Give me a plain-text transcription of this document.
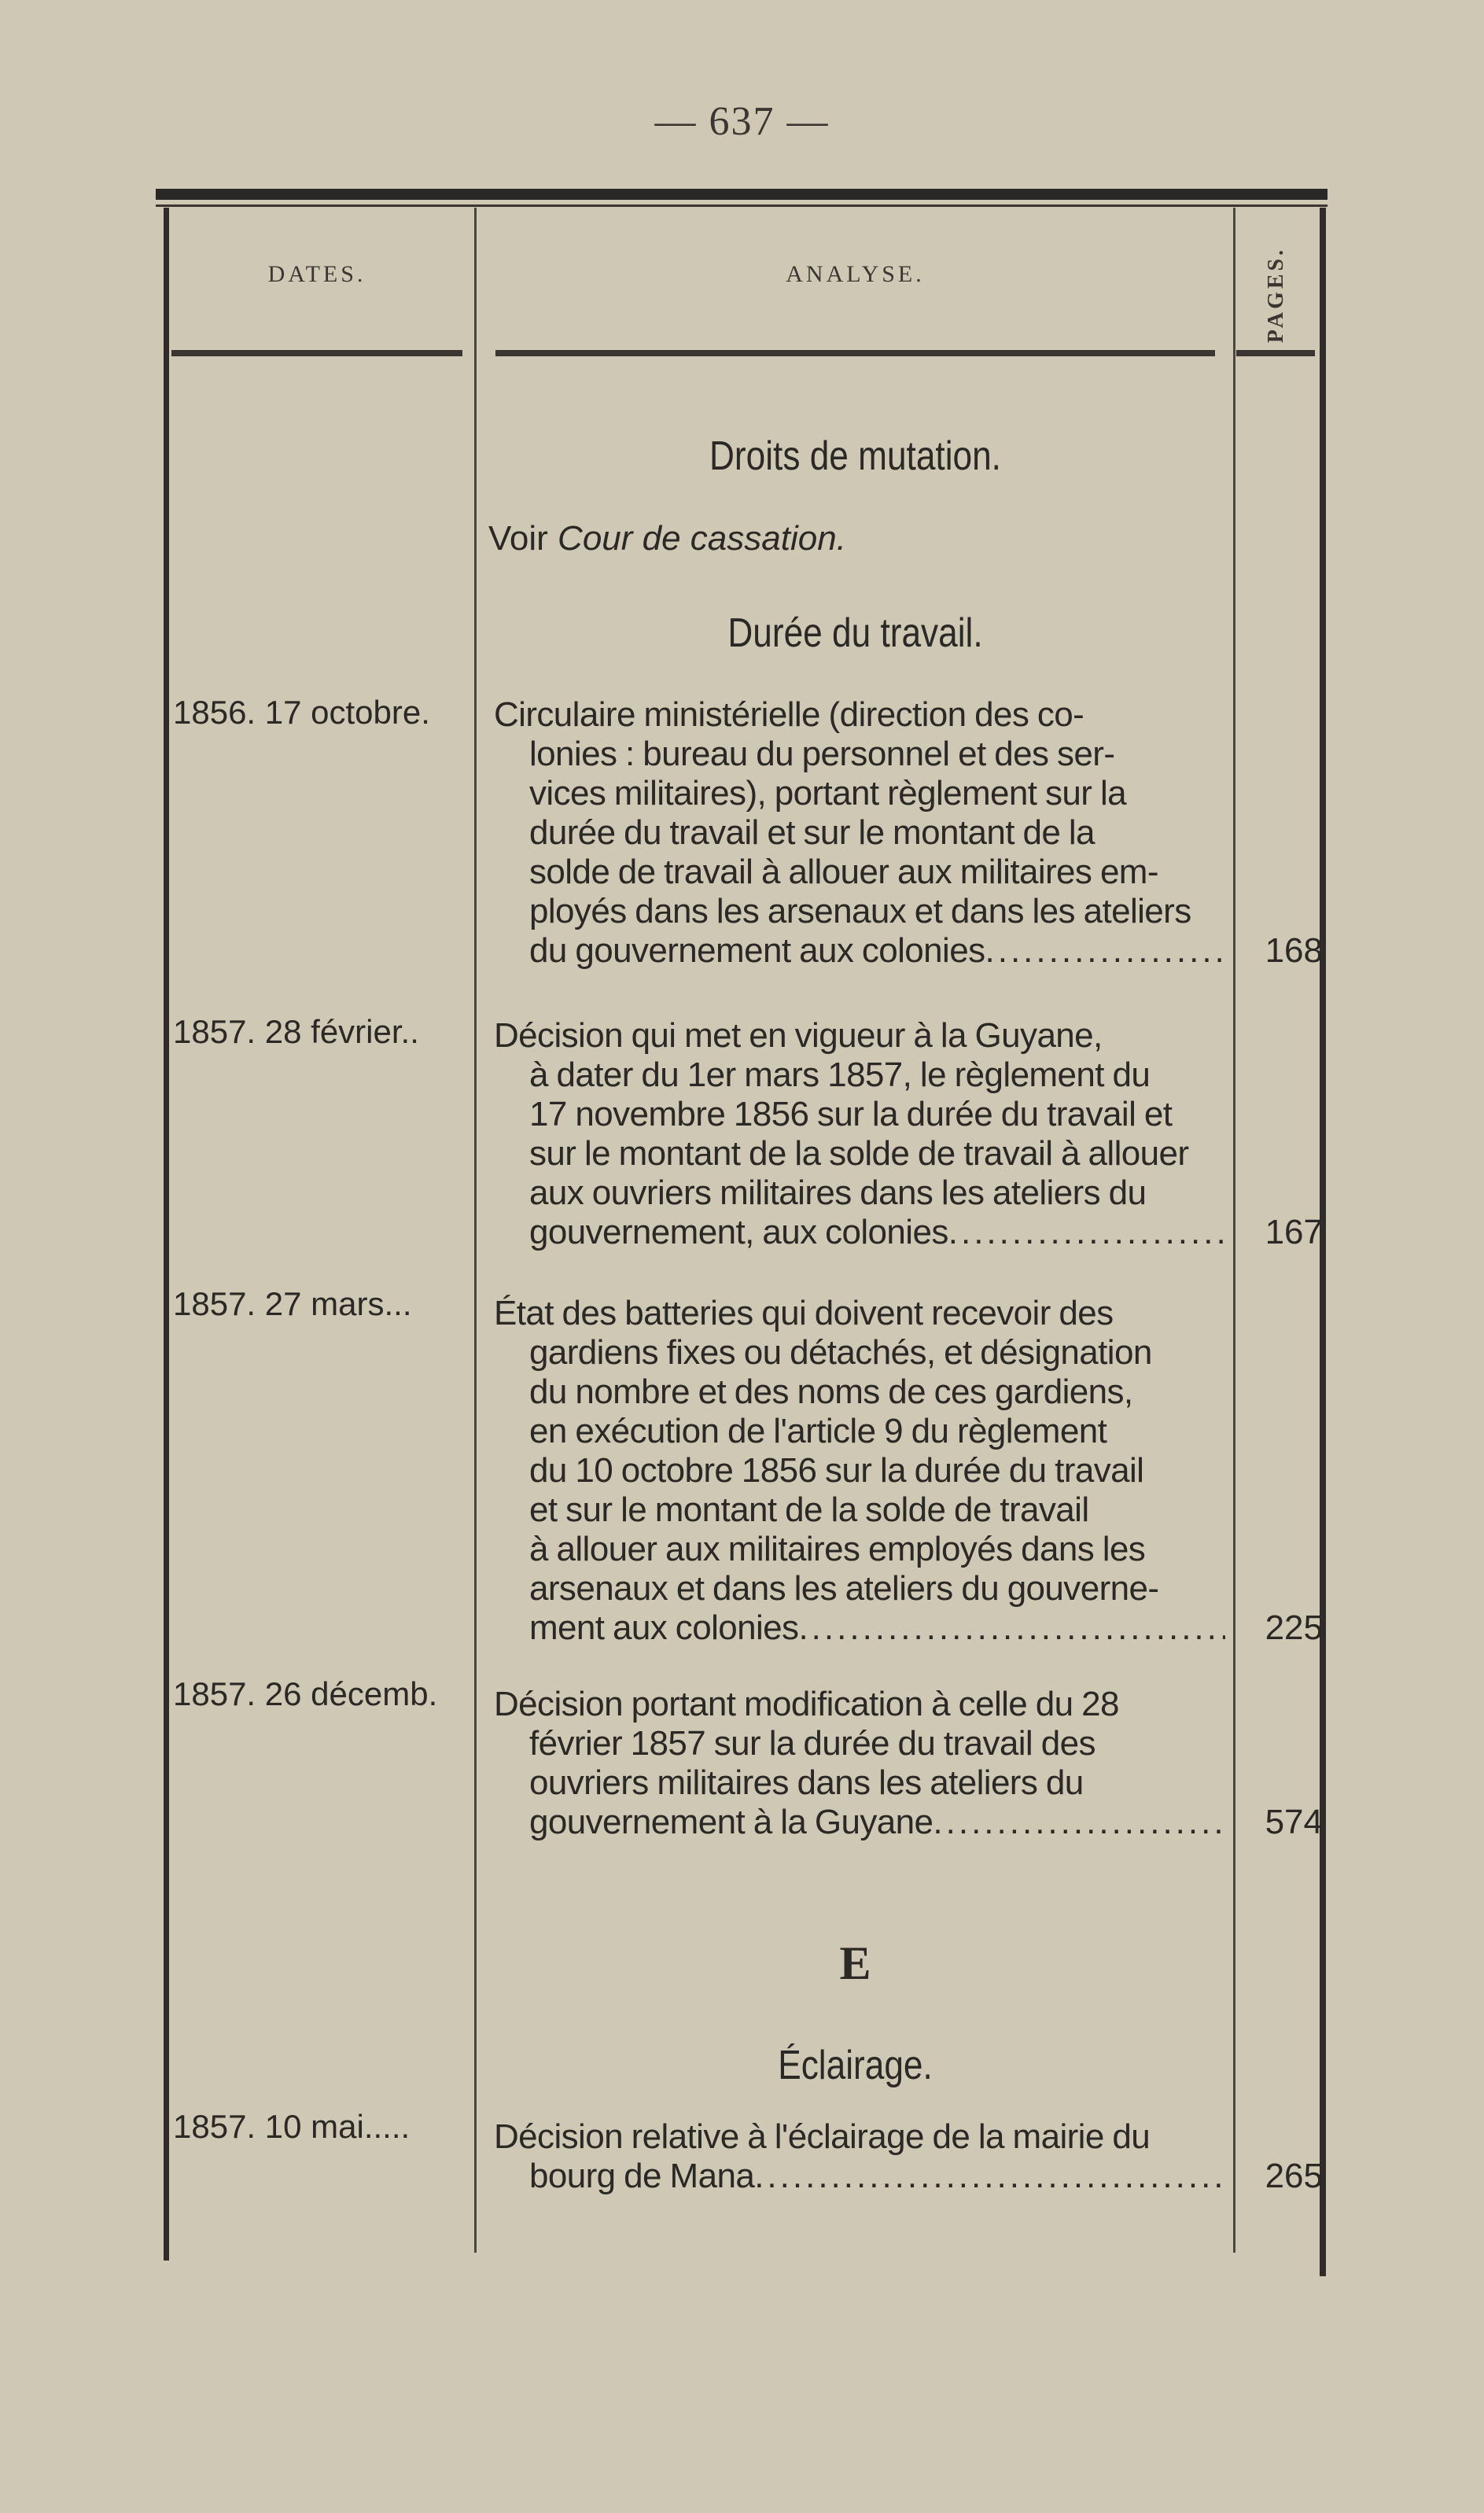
— 637 —
DATES.	ANALYSE.	PAGES.
Droits de mutation.
Voir Cour de cassation.
Durée du travail.
1856. 17 octobre.	Circulaire ministérielle (direction des co-
lonies : bureau du personnel et des ser-
vices militaires), portant règlement sur la
durée du travail et sur le montant de la
solde de travail à allouer aux militaires em-
ployés dans les arsenaux et dans les ateliers
du gouvernement aux colonies .....	168
1857. 28 février..	Décision qui met en vigueur à la Guyane,
à dater du 1er mars 1857, le règlement du
17 novembre 1856 sur la durée du travail et
sur le montant de la solde de travail à allouer
aux ouvriers militaires dans les ateliers du
gouvernement, aux colonies .....	167
1857. 27 mars...	État des batteries qui doivent recevoir des
gardiens fixes ou détachés, et désignation
du nombre et des noms de ces gardiens,
en exécution de l'article 9 du règlement
du 10 octobre 1856 sur la durée du travail
et sur le montant de la solde de travail
à allouer aux militaires employés dans les
arsenaux et dans les ateliers du gouverne-
ment aux colonies .....	225
1857. 26 décemb.	Décision portant modification à celle du 28
février 1857 sur la durée du travail des
ouvriers militaires dans les ateliers du
gouvernement à la Guyane .....	574
E
Éclairage.
1857. 10 mai.....	Décision relative à l'éclairage de la mairie du
bourg de Mana .....	265
